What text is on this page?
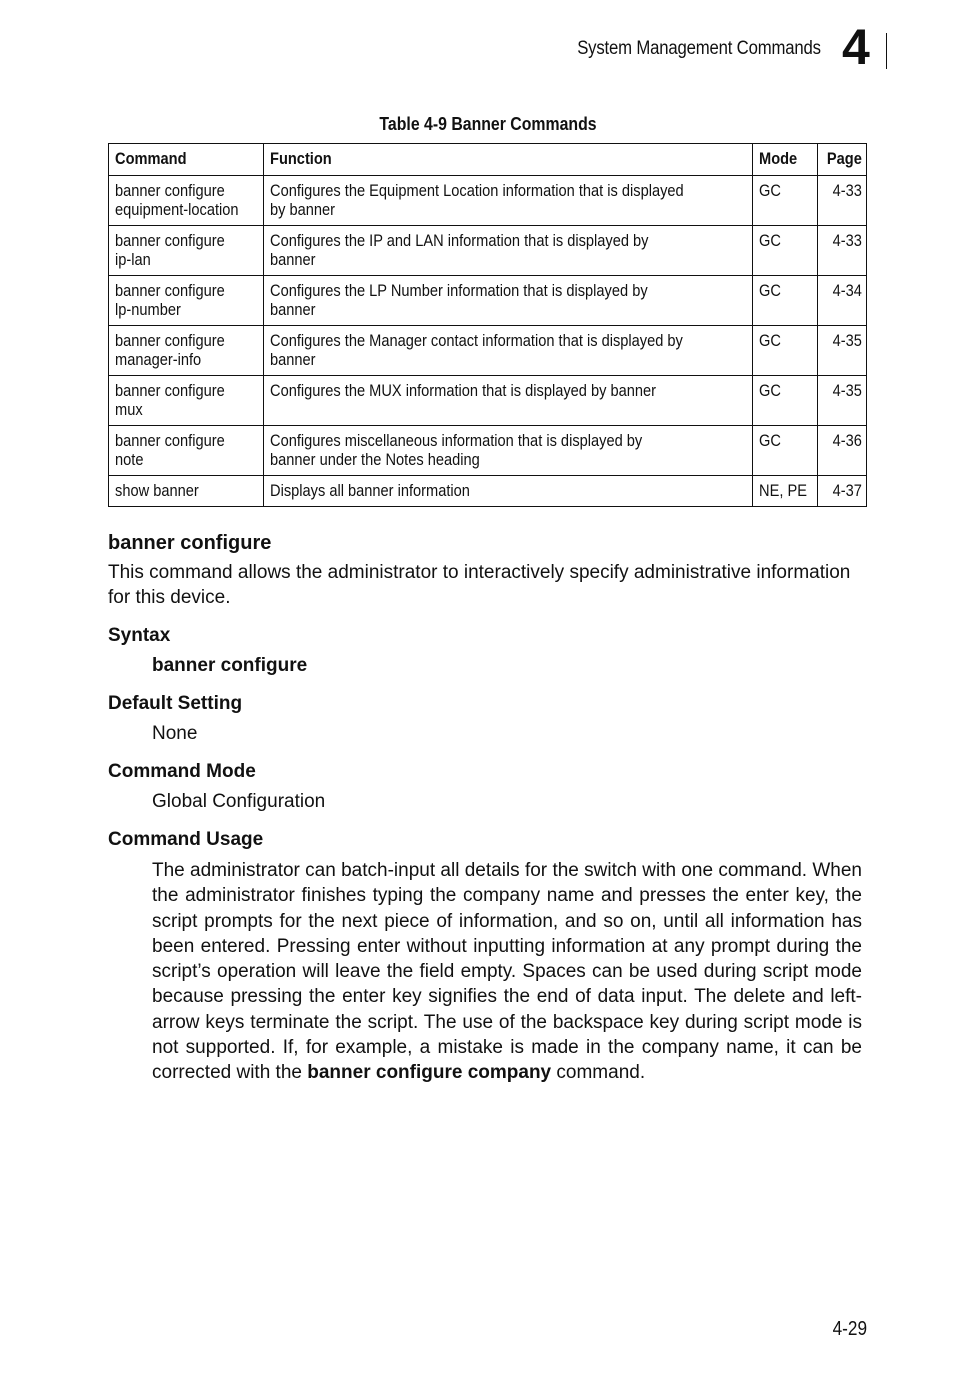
System Management Commands 4
Table 4-9 Banner Commands
Command	Function	Mode	Page

banner configure
equipment-location	Configures the Equipment Location information that is displayed
by banner	GC	4-33

banner configure
ip-lan	Configures the IP and LAN information that is displayed by
banner	GC	4-33

banner configure
lp-number	Configures the LP Number information that is displayed by
banner	GC	4-34

banner configure
manager-info	Configures the Manager contact information that is displayed by
banner	GC	4-35

banner configure
mux	Configures the MUX information that is displayed by banner	GC	4-35

banner configure
note	Configures miscellaneous information that is displayed by
banner under the Notes heading	GC	4-36

show banner	Displays all banner information	NE, PE	4-37
banner configure

This command allows the administrator to interactively specify administrative information for this device.

Syntax
banner configure
Default Setting
None
Command Mode
Global Configuration
Command Usage
The administrator can batch-input all details for the switch with one command. When the administrator finishes typing the company name and presses the enter key, the script prompts for the next piece of information, and so on, until all information has been entered. Pressing enter without inputting information at any prompt during the script’s operation will leave the field empty. Spaces can be used during script mode because pressing the enter key signifies the end of data input. The delete and left-arrow keys terminate the script. The use of the backspace key during script mode is not supported. If, for example, a mistake is made in the company name, it can be corrected with the banner configure company command.
4-29
